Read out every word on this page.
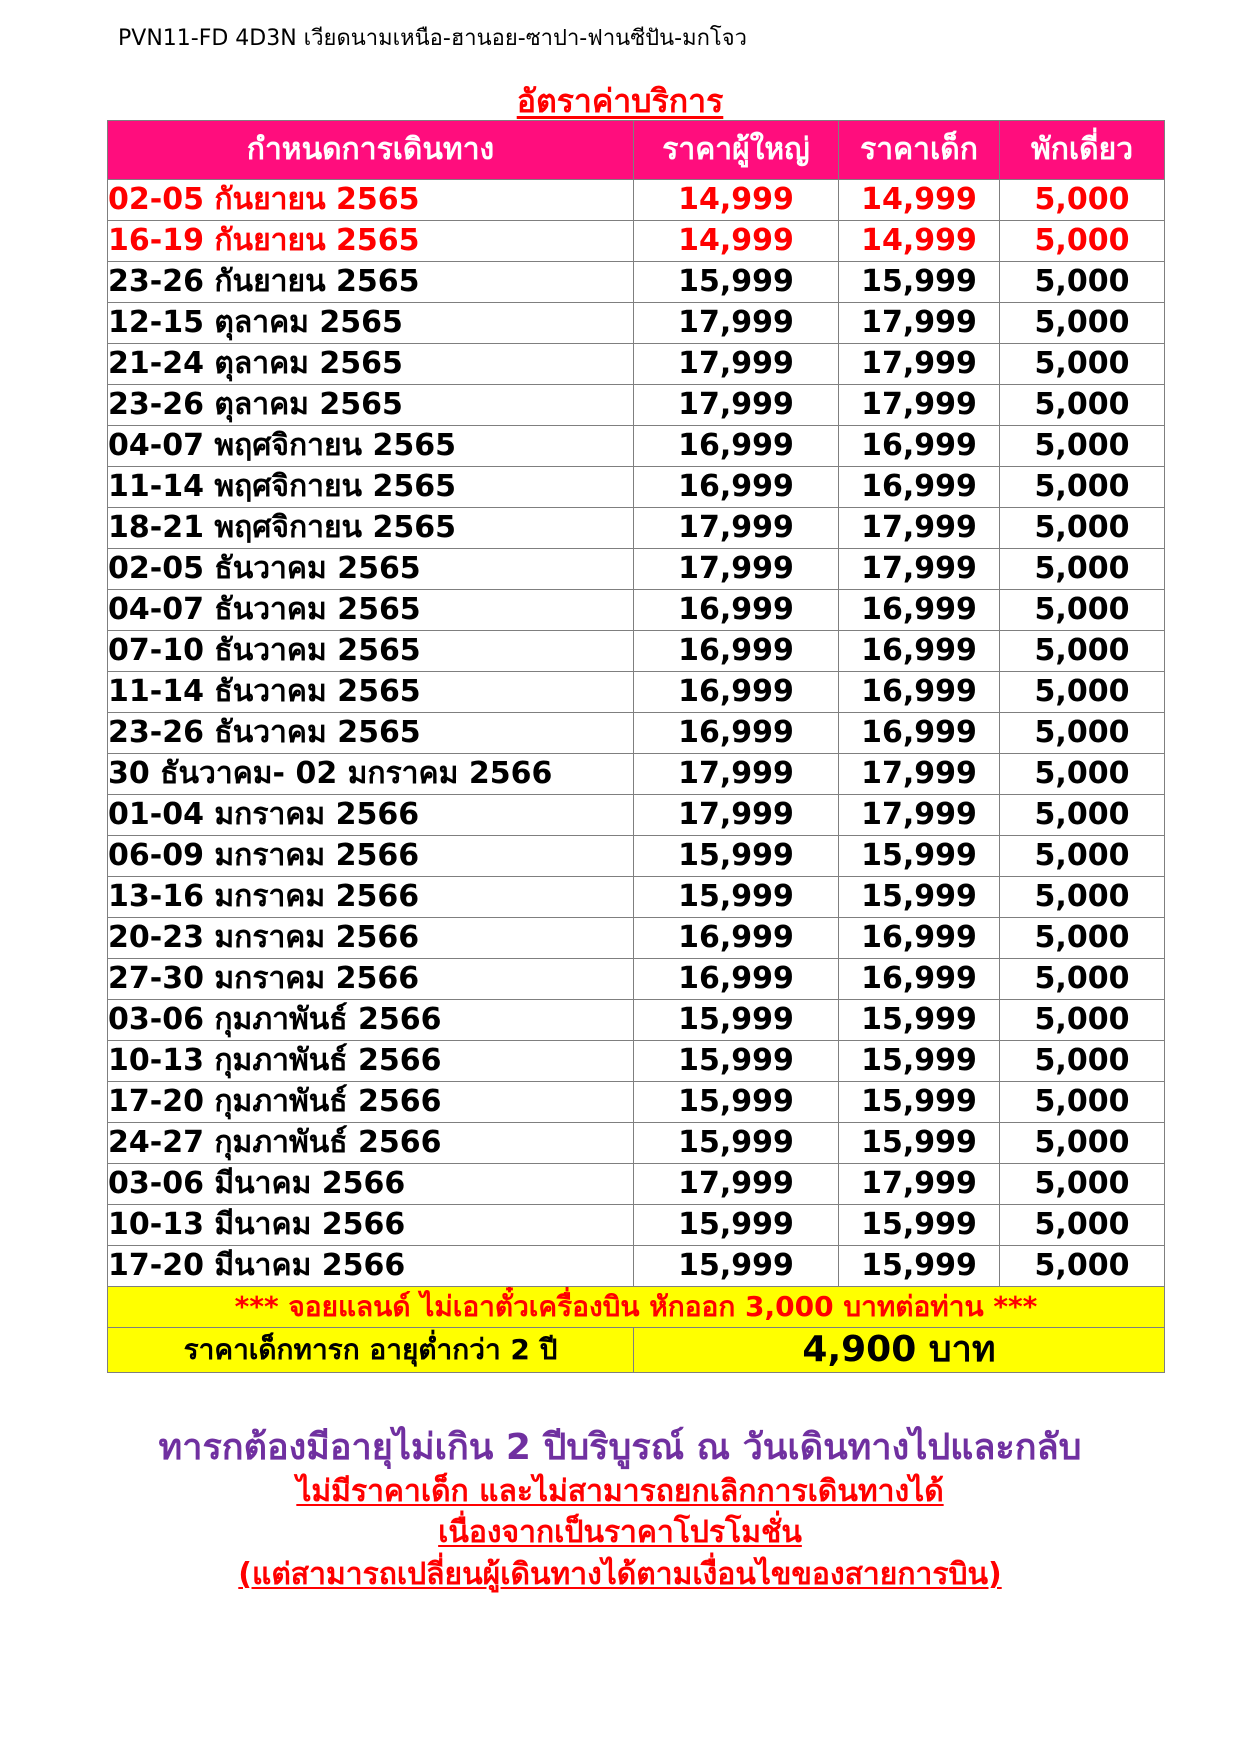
PVN11-FD 4D3N เวียดนามเหนือ-ฮานอย-ซาปา-ฟานซีปัน-มกโจว
อัตราค่าบริการ
กำหนดการเดินทาง	ราคาผู้ใหญ่	ราคาเด็ก	พักเดี่ยว
02-05 กันยายน 2565	14,999	14,999	5,000
16-19 กันยายน 2565	14,999	14,999	5,000
23-26 กันยายน 2565	15,999	15,999	5,000
12-15 ตุลาคม 2565	17,999	17,999	5,000
21-24 ตุลาคม 2565	17,999	17,999	5,000
23-26 ตุลาคม 2565	17,999	17,999	5,000
04-07 พฤศจิกายน 2565	16,999	16,999	5,000
11-14 พฤศจิกายน 2565	16,999	16,999	5,000
18-21 พฤศจิกายน 2565	17,999	17,999	5,000
02-05 ธันวาคม 2565	17,999	17,999	5,000
04-07 ธันวาคม 2565	16,999	16,999	5,000
07-10 ธันวาคม 2565	16,999	16,999	5,000
11-14 ธันวาคม 2565	16,999	16,999	5,000
23-26 ธันวาคม 2565	16,999	16,999	5,000
30 ธันวาคม- 02 มกราคม 2566	17,999	17,999	5,000
01-04 มกราคม 2566	17,999	17,999	5,000
06-09 มกราคม 2566	15,999	15,999	5,000
13-16 มกราคม 2566	15,999	15,999	5,000
20-23 มกราคม 2566	16,999	16,999	5,000
27-30 มกราคม 2566	16,999	16,999	5,000
03-06 กุมภาพันธ์ 2566	15,999	15,999	5,000
10-13 กุมภาพันธ์ 2566	15,999	15,999	5,000
17-20 กุมภาพันธ์ 2566	15,999	15,999	5,000
24-27 กุมภาพันธ์ 2566	15,999	15,999	5,000
03-06 มีนาคม 2566	17,999	17,999	5,000
10-13 มีนาคม 2566	15,999	15,999	5,000
17-20 มีนาคม 2566	15,999	15,999	5,000
*** จอยแลนด์ ไม่เอาตั๋วเครื่องบิน หักออก 3,000 บาทต่อท่าน ***			
ราคาเด็กทารก อายุต่ำกว่า 2 ปี	4,900 บาท		
ทารกต้องมีอายุไม่เกิน 2 ปีบริบูรณ์ ณ วันเดินทางไปและกลับ
ไม่มีราคาเด็ก และไม่สามารถยกเลิกการเดินทางได้
เนื่องจากเป็นราคาโปรโมชั่น
(แต่สามารถเปลี่ยนผู้เดินทางได้ตามเงื่อนไขของสายการบิน)
